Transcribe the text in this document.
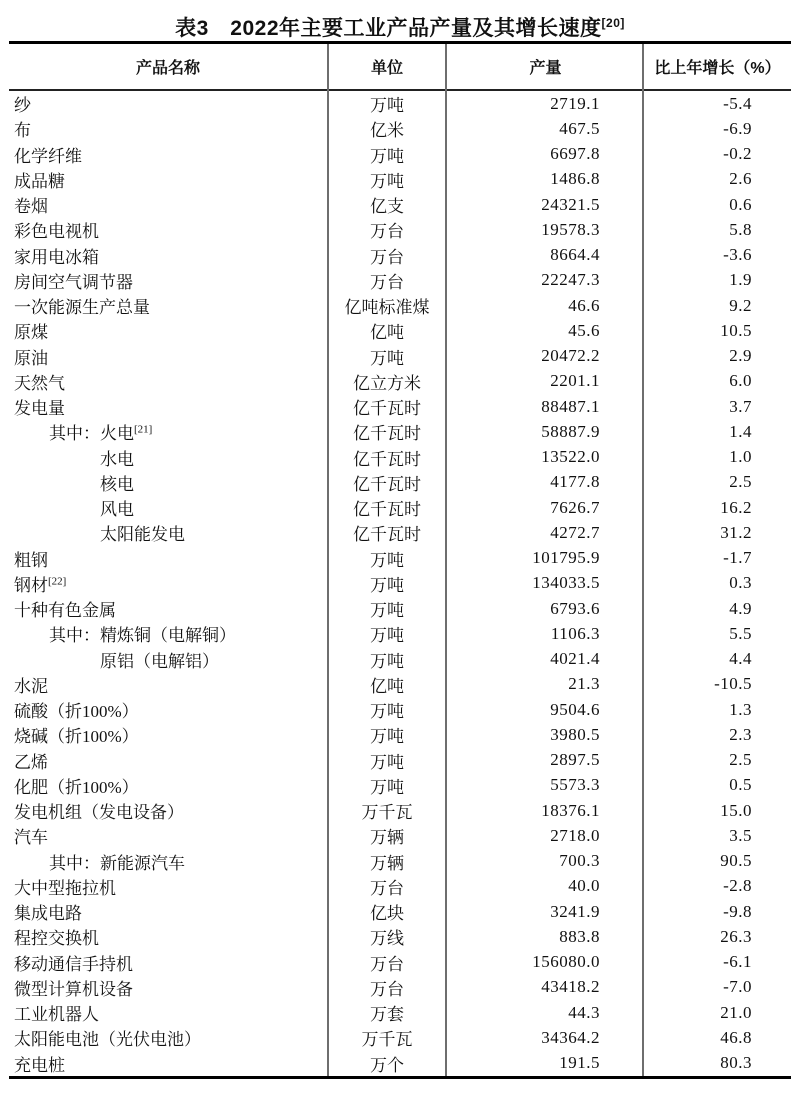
表3　2022年主要工业产品产量及其增长速度[20]
产品名称	单位	产量	比上年增长（%）
纱	万吨	2719.1	-5.4
布	亿米	467.5	-6.9
化学纤维	万吨	6697.8	-0.2
成品糖	万吨	1486.8	2.6
卷烟	亿支	24321.5	0.6
彩色电视机	万台	19578.3	5.8
家用电冰箱	万台	8664.4	-3.6
房间空气调节器	万台	22247.3	1.9
一次能源生产总量	亿吨标准煤	46.6	9.2
原煤	亿吨	45.6	10.5
原油	万吨	20472.2	2.9
天然气	亿立方米	2201.1	6.0
发电量	亿千瓦时	88487.1	3.7
其中：火电[21]	亿千瓦时	58887.9	1.4
水电	亿千瓦时	13522.0	1.0
核电	亿千瓦时	4177.8	2.5
风电	亿千瓦时	7626.7	16.2
太阳能发电	亿千瓦时	4272.7	31.2
粗钢	万吨	101795.9	-1.7
钢材[22]	万吨	134033.5	0.3
十种有色金属	万吨	6793.6	4.9
其中：精炼铜（电解铜）	万吨	1106.3	5.5
原铝（电解铝）	万吨	4021.4	4.4
水泥	亿吨	21.3	-10.5
硫酸（折100%）	万吨	9504.6	1.3
烧碱（折100%）	万吨	3980.5	2.3
乙烯	万吨	2897.5	2.5
化肥（折100%）	万吨	5573.3	0.5
发电机组（发电设备）	万千瓦	18376.1	15.0
汽车	万辆	2718.0	3.5
其中：新能源汽车	万辆	700.3	90.5
大中型拖拉机	万台	40.0	-2.8
集成电路	亿块	3241.9	-9.8
程控交换机	万线	883.8	26.3
移动通信手持机	万台	156080.0	-6.1
微型计算机设备	万台	43418.2	-7.0
工业机器人	万套	44.3	21.0
太阳能电池（光伏电池）	万千瓦	34364.2	46.8
充电桩	万个	191.5	80.3
